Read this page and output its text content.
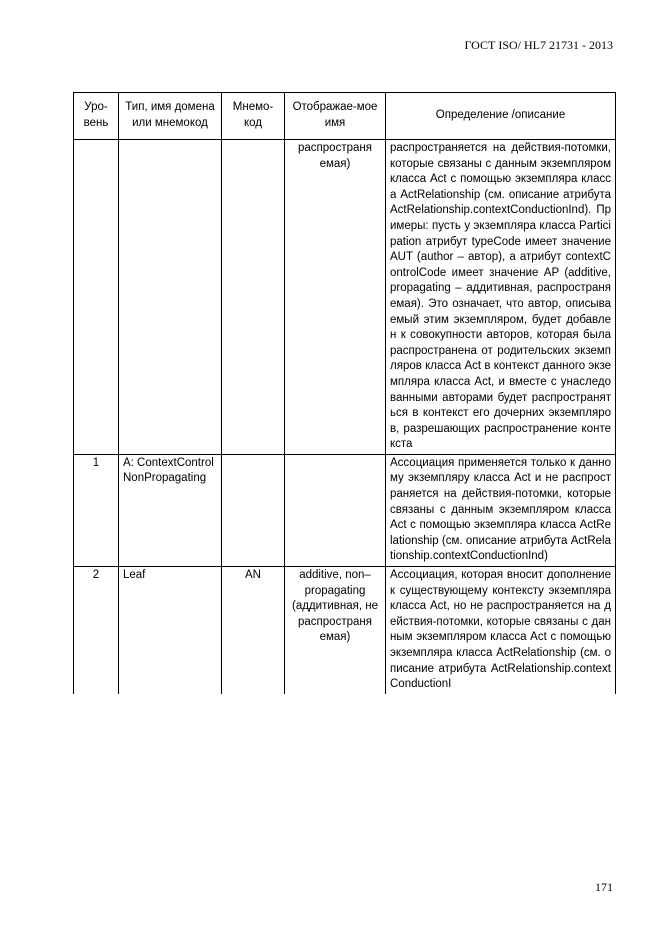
ГОСТ ISO/ HL7 21731 - 2013
Уро-вень	Тип, имя домена или мнемокод	Мнемо-код	Отображае-мое имя	Определение /описание
			распространя емая)	распространяется на действия-потомки, которые связаны с данным экземпляром класса Act с помощью экземпляра класса ActRelationship (см. описание атрибута ActRelationship.contextConductionInd). Примеры: пусть у экземпляра класса Participation атрибут typeCode имеет значение AUT (author – автор), а атрибут contextControlCode имеет значение AP (additive, propagating – аддитивная, распространяемая). Это означает, что автор, описываемый этим экземпляром, будет добавлен к совокупности авторов, которая была распространена от родительских экземпляров класса Act в контекст данного экземпляра класса Act, и вместе с унаследованными авторами будет распространяться в контекст его дочерних экземпляров, разрешающих распространение контекста
1	A: ContextControlNonPropagating			Ассоциация применяется только к данному экземпляру класса Act и не распространяется на действия-потомки, которые связаны с данным экземпляром класса Act с помощью экземпляра класса ActRelationship (см. описание атрибута ActRelationship.contextConductionInd)
2	Leaf	AN	additive, non–propagating (аддитивная, не распространя емая)	Ассоциация, которая вносит дополнение к существующему контексту экземпляра класса Act, но не распространяется на действия-потомки, которые связаны с данным экземпляром класса Act с помощью экземпляра класса ActRelationship (см. описание атрибута ActRelationship.contextConductionI
171
